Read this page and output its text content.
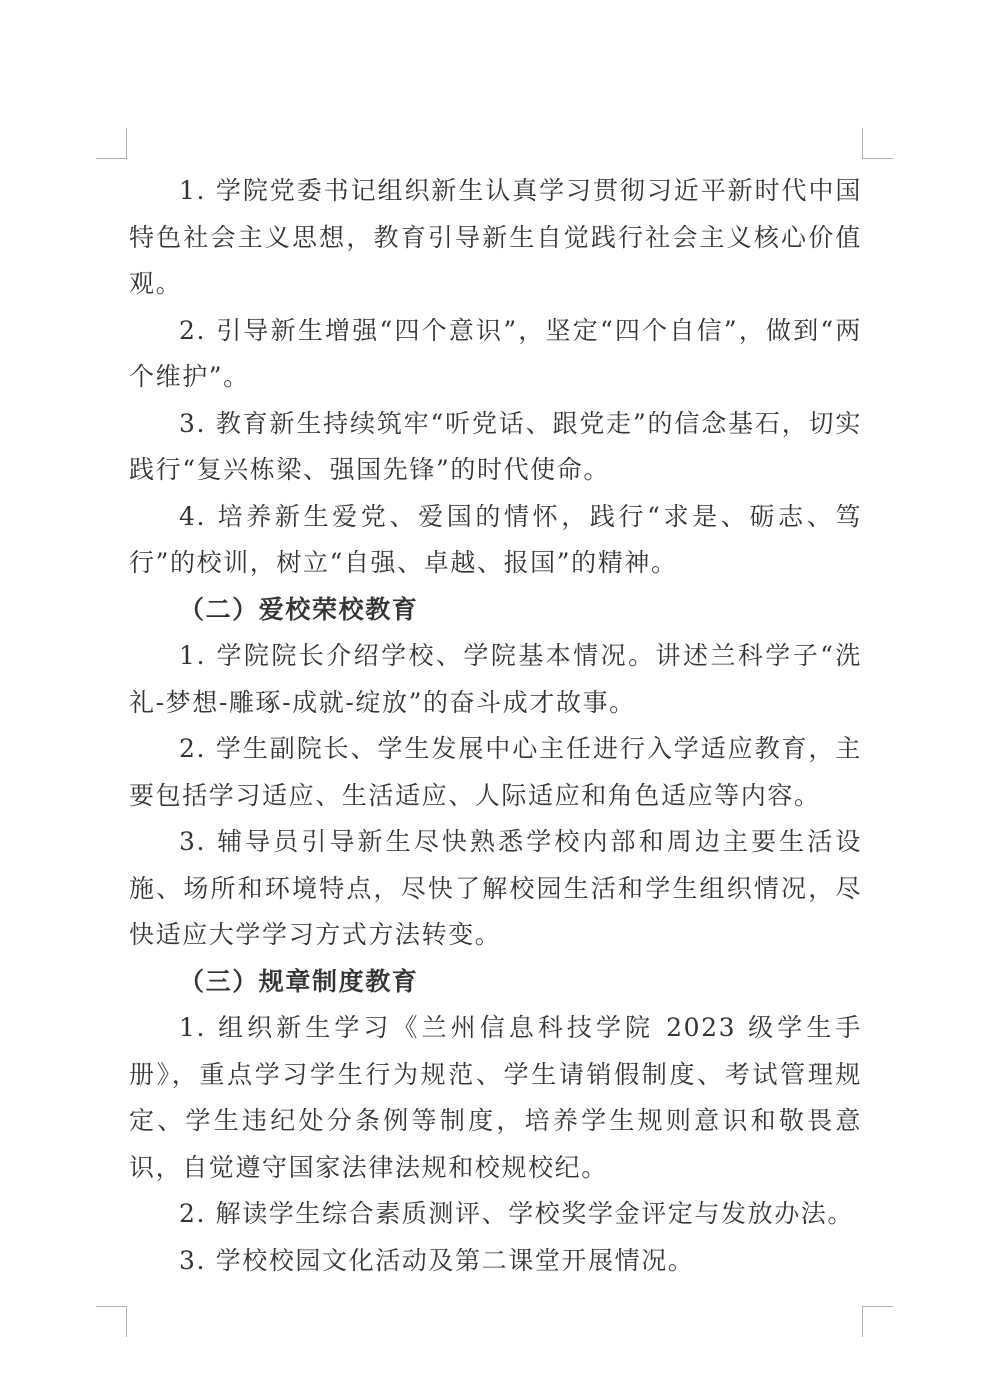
1. 学院党委书记组织新生认真学习贯彻习近平新时代中国特色社会主义思想，教育引导新生自觉践行社会主义核心价值观。

2. 引导新生增强“四个意识”，坚定“四个自信”，做到“两个维护”。

3. 教育新生持续筑牢“听党话、跟党走”的信念基石，切实践行“复兴栋梁、强国先锋”的时代使命。

4. 培养新生爱党、爱国的情怀，践行“求是、砺志、笃行”的校训，树立“自强、卓越、报国”的精神。

（二）爱校荣校教育

1. 学院院长介绍学校、学院基本情况。讲述兰科学子“洗礼-梦想-雕琢-成就-绽放”的奋斗成才故事。

2. 学生副院长、学生发展中心主任进行入学适应教育，主要包括学习适应、生活适应、人际适应和角色适应等内容。

3. 辅导员引导新生尽快熟悉学校内部和周边主要生活设施、场所和环境特点，尽快了解校园生活和学生组织情况，尽快适应大学学习方式方法转变。

（三）规章制度教育

1. 组织新生学习《兰州信息科技学院 2023 级学生手册》，重点学习学生行为规范、学生请销假制度、考试管理规定、学生违纪处分条例等制度，培养学生规则意识和敬畏意识，自觉遵守国家法律法规和校规校纪。

2. 解读学生综合素质测评、学校奖学金评定与发放办法。

3. 学校校园文化活动及第二课堂开展情况。
